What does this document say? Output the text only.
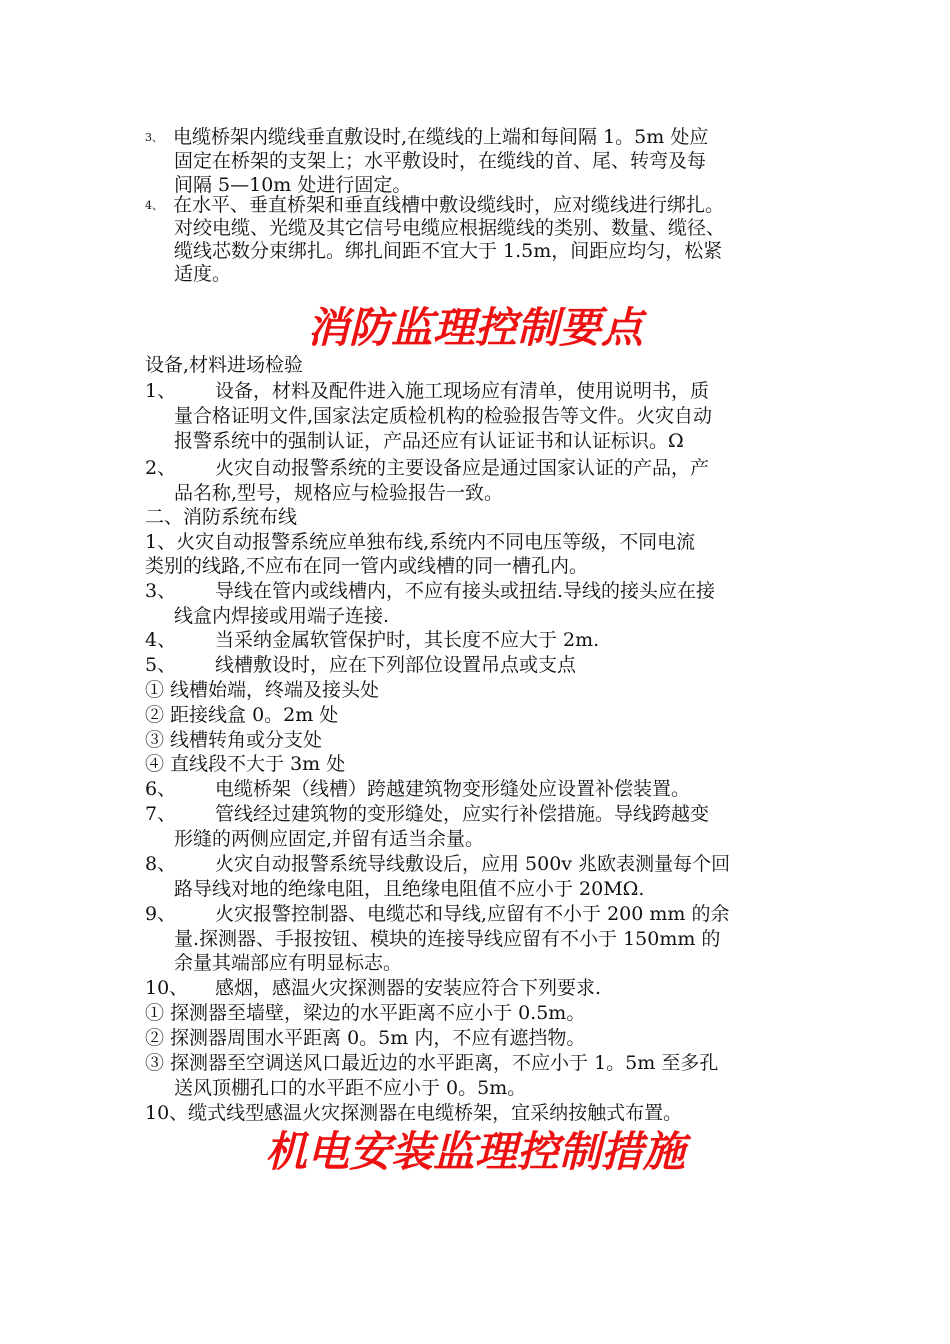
3、 电缆桥架内缆线垂直敷设时,在缆线的上端和每间隔 1。5m 处应
固定在桥架的支架上；水平敷设时，在缆线的首、尾、转弯及每
间隔 5—10m 处进行固定。
4、 在水平、垂直桥架和垂直线槽中敷设缆线时，应对缆线进行绑扎。
对绞电缆、光缆及其它信号电缆应根据缆线的类别、数量、缆径、
缆线芯数分束绑扎。绑扎间距不宜大于 1.5m，间距应均匀，松紧
适度。
消防监理控制要点
设备,材料进场检验
1、 设备，材料及配件进入施工现场应有清单，使用说明书，质
量合格证明文件,国家法定质检机构的检验报告等文件。火灾自动
报警系统中的强制认证，产品还应有认证证书和认证标识。Ω
2、 火灾自动报警系统的主要设备应是通过国家认证的产品，产
品名称,型号，规格应与检验报告一致。
二、消防系统布线
1、火灾自动报警系统应单独布线,系统内不同电压等级，不同电流
类别的线路,不应布在同一管内或线槽的同一槽孔内。
3、 导线在管内或线槽内，不应有接头或扭结.导线的接头应在接
线盒内焊接或用端子连接.
4、 当采纳金属软管保护时，其长度不应大于 2m.
5、 线槽敷设时，应在下列部位设置吊点或支点
① 线槽始端，终端及接头处
② 距接线盒 0。2m 处
③ 线槽转角或分支处
④ 直线段不大于 3m 处
6、 电缆桥架（线槽）跨越建筑物变形缝处应设置补偿装置。
7、 管线经过建筑物的变形缝处，应实行补偿措施。导线跨越变
形缝的两侧应固定,并留有适当余量。
8、 火灾自动报警系统导线敷设后，应用 500v 兆欧表测量每个回
路导线对地的绝缘电阻，且绝缘电阻值不应小于 20MΩ.
9、 火灾报警控制器、电缆芯和导线,应留有不小于 200 mm 的余
量.探测器、手报按钮、模块的连接导线应留有不小于 150mm 的
余量其端部应有明显标志。
10、 感烟，感温火灾探测器的安装应符合下列要求.
① 探测器至墙壁，梁边的水平距离不应小于 0.5m。
② 探测器周围水平距离 0。5m 内，不应有遮挡物。
③ 探测器至空调送风口最近边的水平距离，不应小于 1。5m 至多孔
送风顶棚孔口的水平距不应小于 0。5m。
10、缆式线型感温火灾探测器在电缆桥架，宜采纳按触式布置。
机电安装监理控制措施
